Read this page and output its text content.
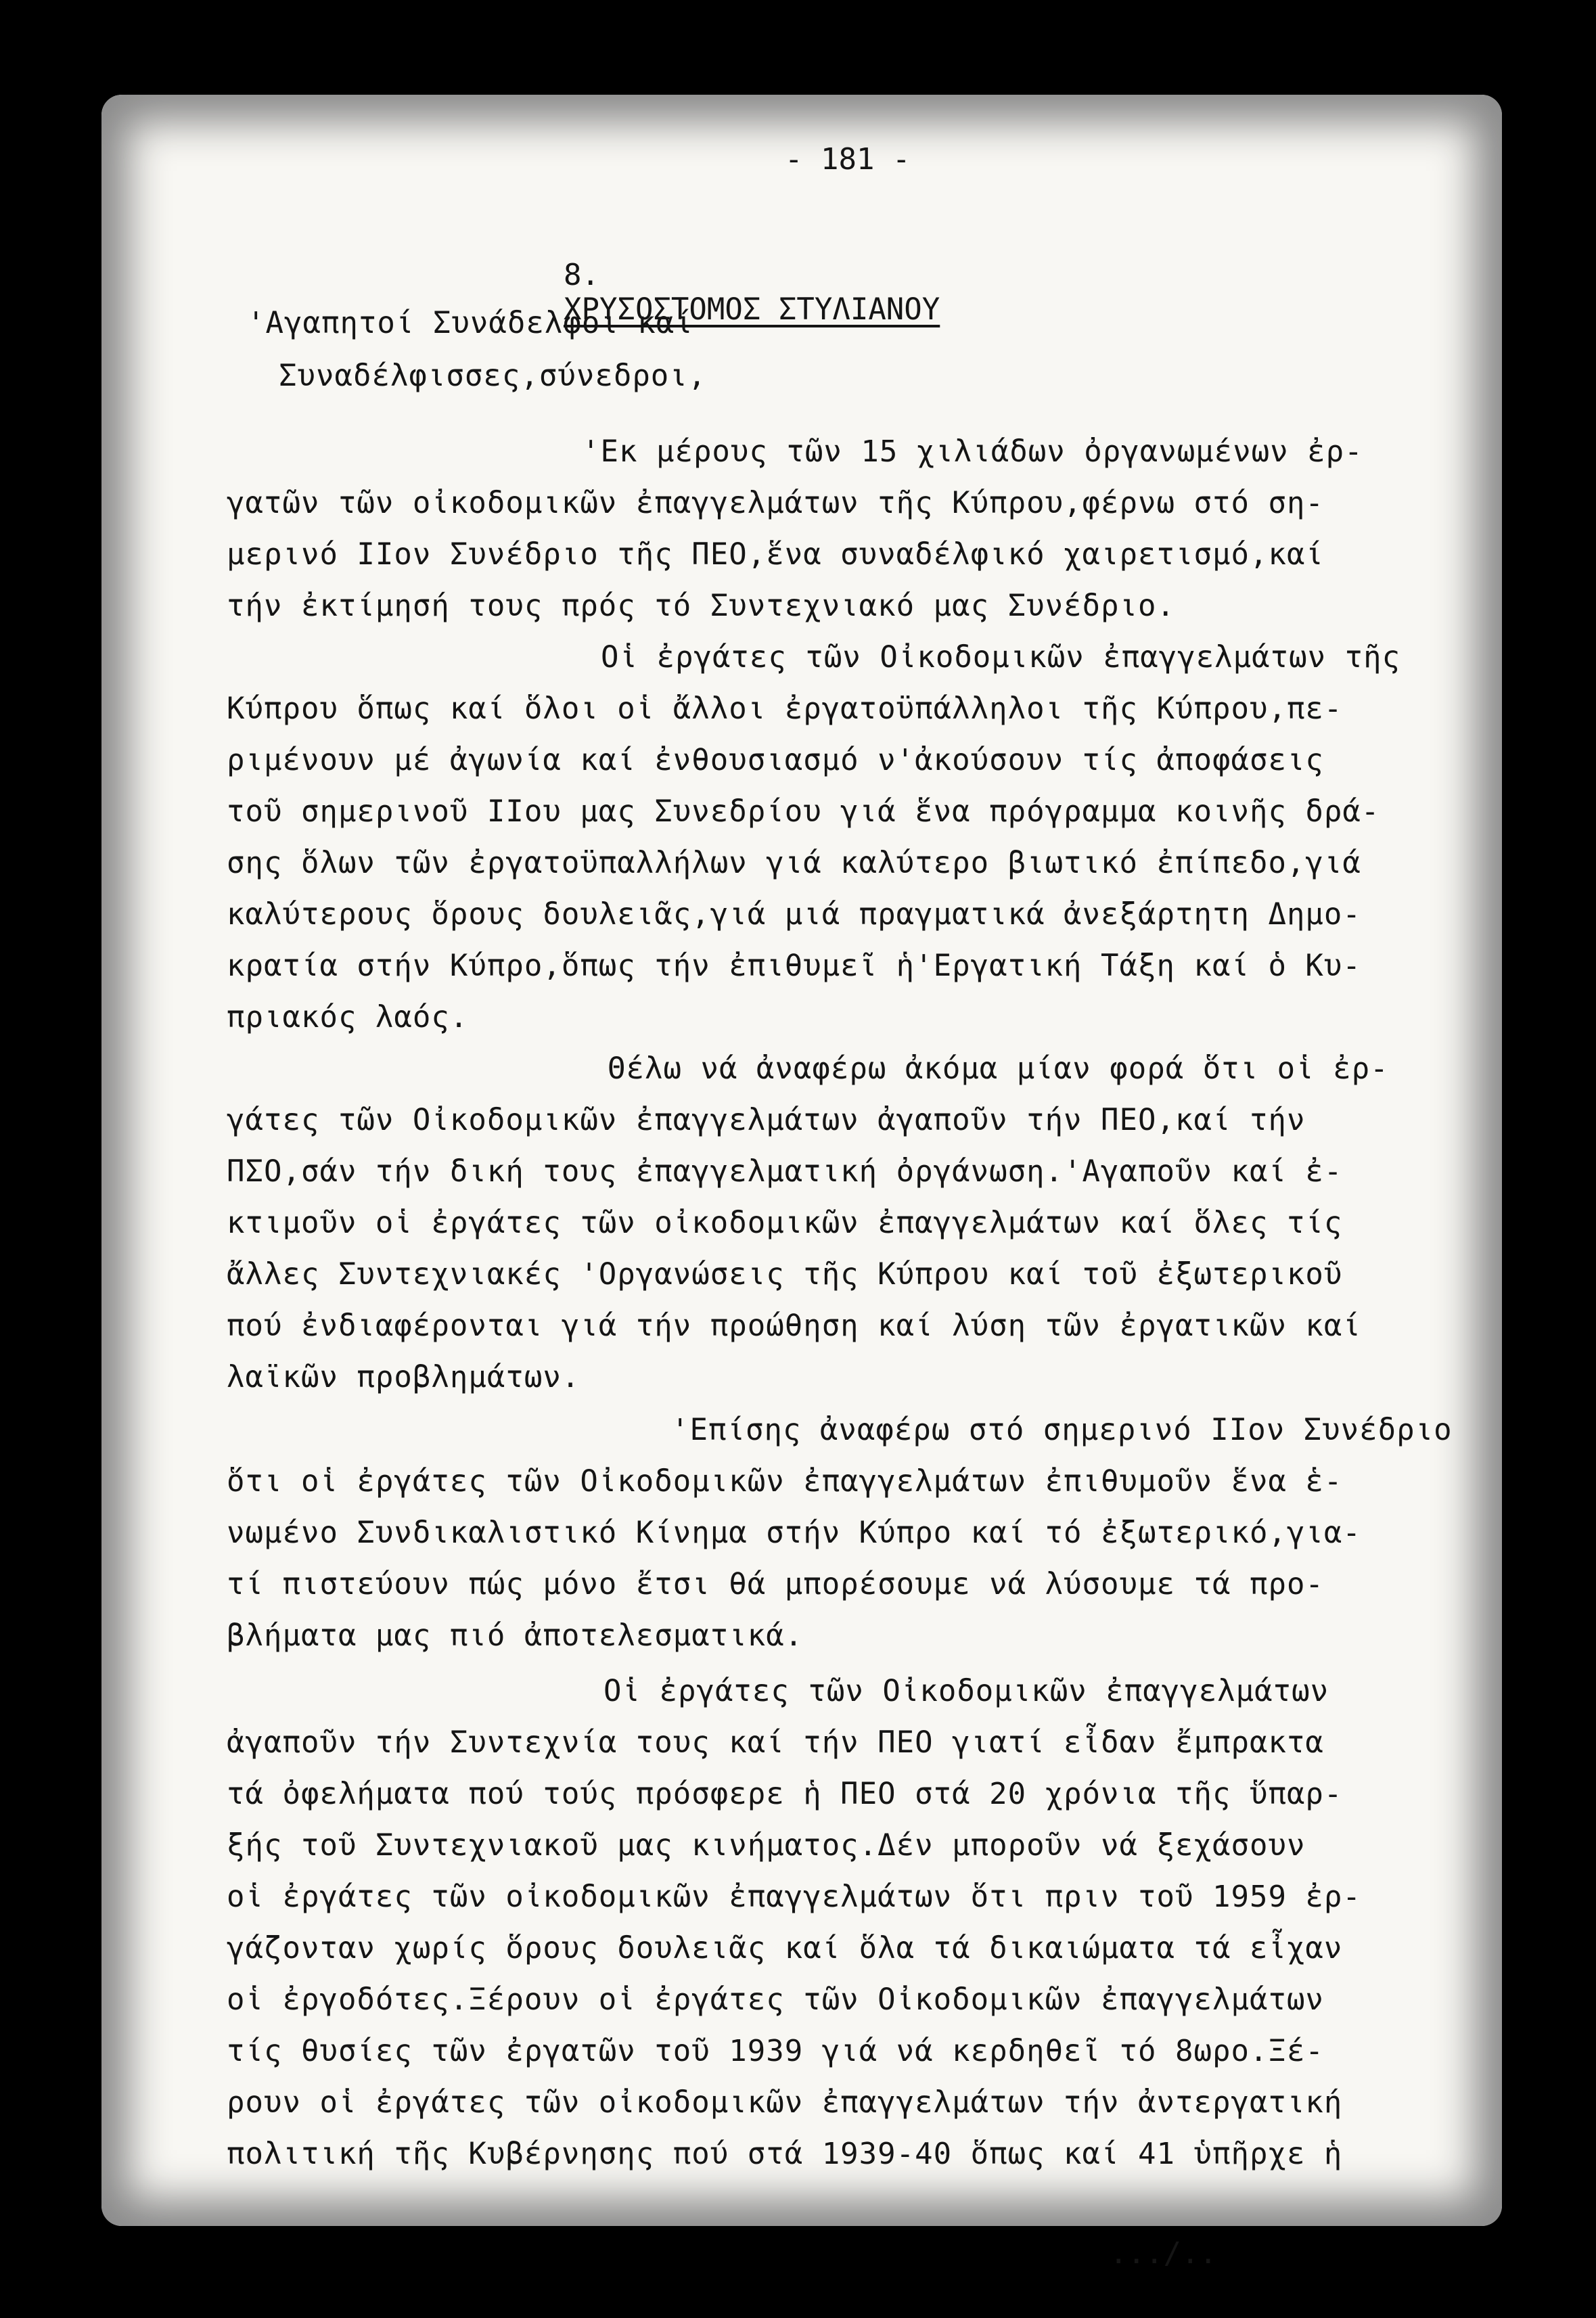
- 181 -

8.
ΧΡΥΣΟΣΤΟΜΟΣ ΣΤΥΛΙΑΝΟΥ

'Αγαπητοί Συνάδελφοι καί
Συναδέλφισσες,σύνεδροι,
'Εκ μέρους τῶν 15 χιλιάδων ὀργανωμένων ἐρ-
γατῶν τῶν οἰκοδομικῶν ἐπαγγελμάτων τῆς Κύπρου,φέρνω στό ση-
μερινό ΙΙον Συνέδριο τῆς ΠΕΟ,ἕνα συναδέλφικό χαιρετισμό,καί
τήν ἐκτίμησή τους πρός τό Συντεχνιακό μας Συνέδριο.
Οἱ ἐργάτες τῶν Οἰκοδομικῶν ἐπαγγελμάτων τῆς
Κύπρου ὅπως καί ὅλοι οἱ ἄλλοι ἐργατοϋπάλληλοι τῆς Κύπρου,πε-
ριμένουν μέ ἀγωνία καί ἐνθουσιασμό ν'ἀκούσουν τίς ἀποφάσεις
τοῦ σημερινοῦ ΙΙου μας Συνεδρίου γιά ἕνα πρόγραμμα κοινῆς δρά-
σης ὅλων τῶν ἐργατοϋπαλλήλων γιά καλύτερο βιωτικό ἐπίπεδο,γιά
καλύτερους ὅρους δουλειᾶς,γιά μιά πραγματικά ἀνεξάρτητη Δημο-
κρατία στήν Κύπρο,ὅπως τήν ἐπιθυμεῖ ἡ'Εργατική Τάξη καί ὁ Κυ-
πριακός λαός.
Θέλω νά ἀναφέρω ἀκόμα μίαν φορά ὅτι οἱ ἐρ-
γάτες τῶν Οἰκοδομικῶν ἐπαγγελμάτων ἀγαποῦν τήν ΠΕΟ,καί τήν
ΠΣΟ,σάν τήν δική τους ἐπαγγελματική ὀργάνωση.'Αγαποῦν καί ἐ-
κτιμοῦν οἱ ἐργάτες τῶν οἰκοδομικῶν ἐπαγγελμάτων καί ὅλες τίς
ἄλλες Συντεχνιακές 'Οργανώσεις τῆς Κύπρου καί τοῦ ἐξωτερικοῦ
πού ἐνδιαφέρονται γιά τήν προώθηση καί λύση τῶν ἐργατικῶν καί
λαϊκῶν προβλημάτων.
'Επίσης ἀναφέρω στό σημερινό ΙΙον Συνέδριο
ὅτι οἱ ἐργάτες τῶν Οἰκοδομικῶν ἐπαγγελμάτων ἐπιθυμοῦν ἕνα ἑ-
νωμένο Συνδικαλιστικό Κίνημα στήν Κύπρο καί τό ἐξωτερικό,για-
τί πιστεύουν πώς μόνο ἔτσι θά μπορέσουμε νά λύσουμε τά προ-
βλήματα μας πιό ἀποτελεσματικά.
Οἱ ἐργάτες τῶν Οἰκοδομικῶν ἐπαγγελμάτων
ἀγαποῦν τήν Συντεχνία τους καί τήν ΠΕΟ γιατί εἶδαν ἔμπρακτα
τά ὀφελήματα πού τούς πρόσφερε ἡ ΠΕΟ στά 20 χρόνια τῆς ὕπαρ-
ξής τοῦ Συντεχνιακοῦ μας κινήματος.Δέν μποροῦν νά ξεχάσουν
οἱ ἐργάτες τῶν οἰκοδομικῶν ἐπαγγελμάτων ὅτι πριν τοῦ 1959 ἐρ-
γάζονταν χωρίς ὅρους δουλειᾶς καί ὅλα τά δικαιώματα τά εἶχαν
οἱ ἐργοδότες.Ξέρουν οἱ ἐργάτες τῶν Οἰκοδομικῶν ἐπαγγελμάτων
τίς θυσίες τῶν ἐργατῶν τοῦ 1939 γιά νά κερδηθεῖ τό 8ωρο.Ξέ-
ρουν οἱ ἐργάτες τῶν οἰκοδομικῶν ἐπαγγελμάτων τήν ἀντεργατική
πολιτική τῆς Κυβέρνησης πού στά 1939-40 ὅπως καί 41 ὑπῆρχε ἡ
.../..
